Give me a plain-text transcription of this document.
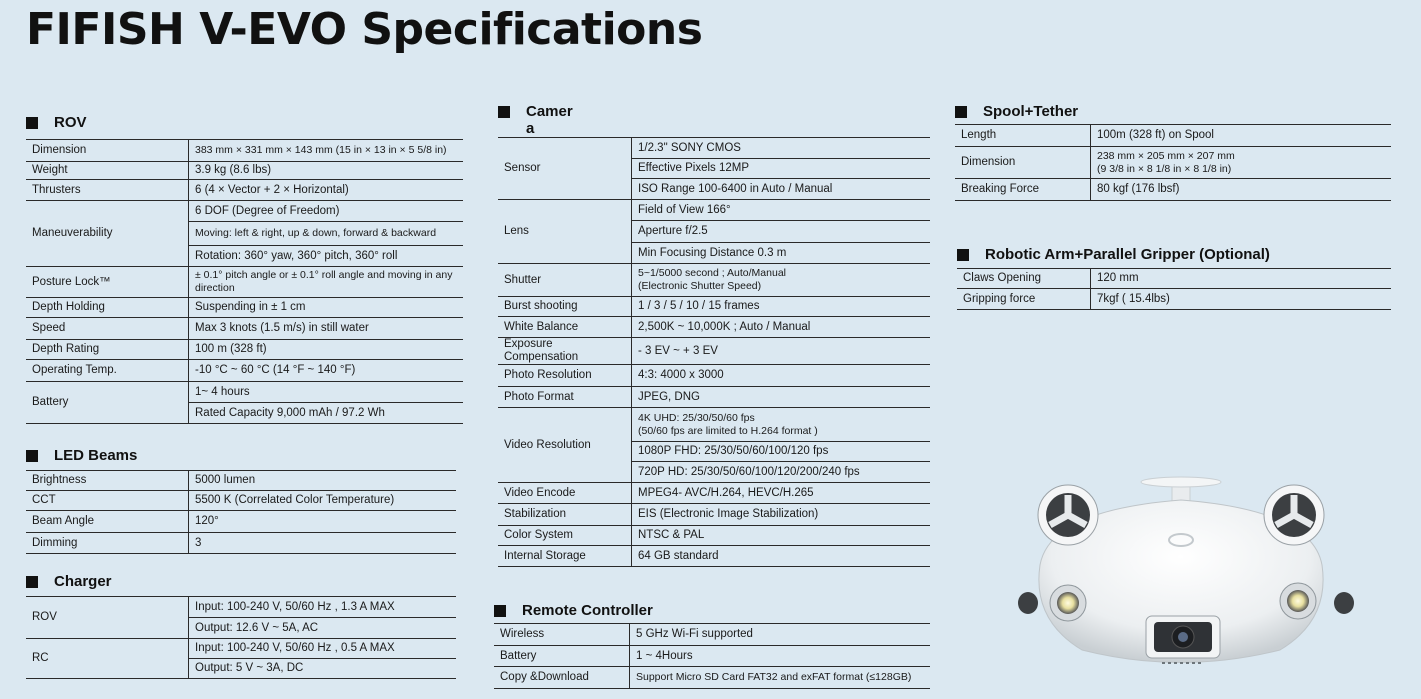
FIFISH V-EVO Specifications
ROV
Dimension	383 mm × 331 mm × 143 mm (15 in × 13 in × 5 5/8 in)
Weight	3.9 kg (8.6 lbs)
Thrusters	6 (4 × Vector + 2 × Horizontal)
Maneuverability	6 DOF (Degree of Freedom)
	Moving: left & right, up & down, forward & backward
	Rotation: 360° yaw, 360° pitch, 360° roll
Posture Lock™	± 0.1° pitch angle or ± 0.1° roll angle and moving in any direction
Depth Holding	Suspending in ± 1 cm
Speed	Max 3 knots (1.5 m/s) in still water
Depth Rating	100 m (328 ft)
Operating Temp.	-10 °C ~ 60 °C (14 °F ~ 140 °F)
Battery	1~ 4 hours
	Rated Capacity 9,000 mAh / 97.2 Wh
LED Beams
Brightness	5000 lumen
CCT	5500 K (Correlated Color Temperature)
Beam Angle	120°
Dimming	3
Charger
ROV	Input: 100-240 V, 50/60 Hz , 1.3 A MAX
	Output: 12.6 V ~ 5A, AC
RC	Input: 100-240 V, 50/60 Hz , 0.5 A MAX
	Output: 5 V ~ 3A, DC
Camer
a
Sensor	1/2.3" SONY CMOS
	Effective Pixels 12MP
	ISO Range 100-6400 in Auto / Manual
Lens	Field of View 166°
	Aperture f/2.5
	Min Focusing Distance 0.3 m
Shutter	5~1/5000 second ; Auto/Manual
(Electronic Shutter Speed)
Burst shooting	1 / 3 / 5 / 10 / 15 frames
White Balance	2,500K ~ 10,000K ; Auto / Manual
Exposure
Compensation	- 3 EV ~ + 3 EV
Photo Resolution	4:3: 4000 x 3000
Photo Format	JPEG, DNG
Video Resolution	4K UHD: 25/30/50/60 fps
(50/60 fps are limited to H.264 format )
	1080P FHD: 25/30/50/60/100/120 fps
	720P HD: 25/30/50/60/100/120/200/240 fps
Video Encode	MPEG4- AVC/H.264, HEVC/H.265
Stabilization	EIS (Electronic Image Stabilization)
Color System	NTSC & PAL
Internal Storage	64 GB standard
Remote Controller
Wireless	5 GHz Wi-Fi supported
Battery	1 ~ 4Hours
Copy &Download	Support Micro SD Card FAT32 and exFAT format (≤128GB)
Spool+Tether
Length	100m (328 ft) on Spool
Dimension	238 mm × 205 mm × 207 mm
(9 3/8 in × 8 1/8 in × 8 1/8 in)
Breaking Force	80 kgf (176 lbsf)
Robotic Arm+Parallel Gripper (Optional)
Claws Opening	120 mm
Gripping force	7kgf ( 15.4lbs)
